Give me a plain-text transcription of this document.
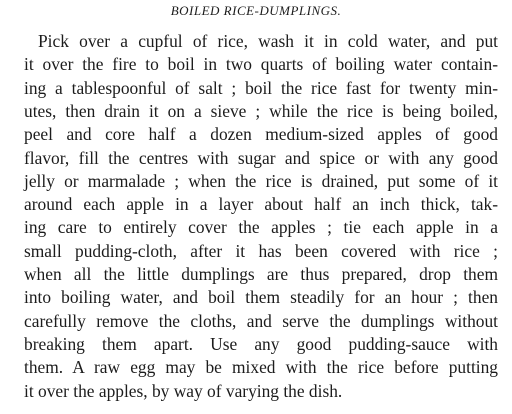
BOILED RICE-DUMPLINGS.
Pick over a cupful of rice, wash it in cold water, and put
it over the fire to boil in two quarts of boiling water contain-
ing a tablespoonful of salt ; boil the rice fast for twenty min-
utes, then drain it on a sieve ; while the rice is being boiled,
peel and core half a dozen medium-sized apples of good
flavor, fill the centres with sugar and spice or with any good
jelly or marmalade ; when the rice is drained, put some of it
around each apple in a layer about half an inch thick, tak-
ing care to entirely cover the apples ; tie each apple in a
small pudding-cloth, after it has been covered with rice ;
when all the little dumplings are thus prepared, drop them
into boiling water, and boil them steadily for an hour ; then
carefully remove the cloths, and serve the dumplings without
breaking them apart. Use any good pudding-sauce with
them. A raw egg may be mixed with the rice before putting
it over the apples, by way of varying the dish.
